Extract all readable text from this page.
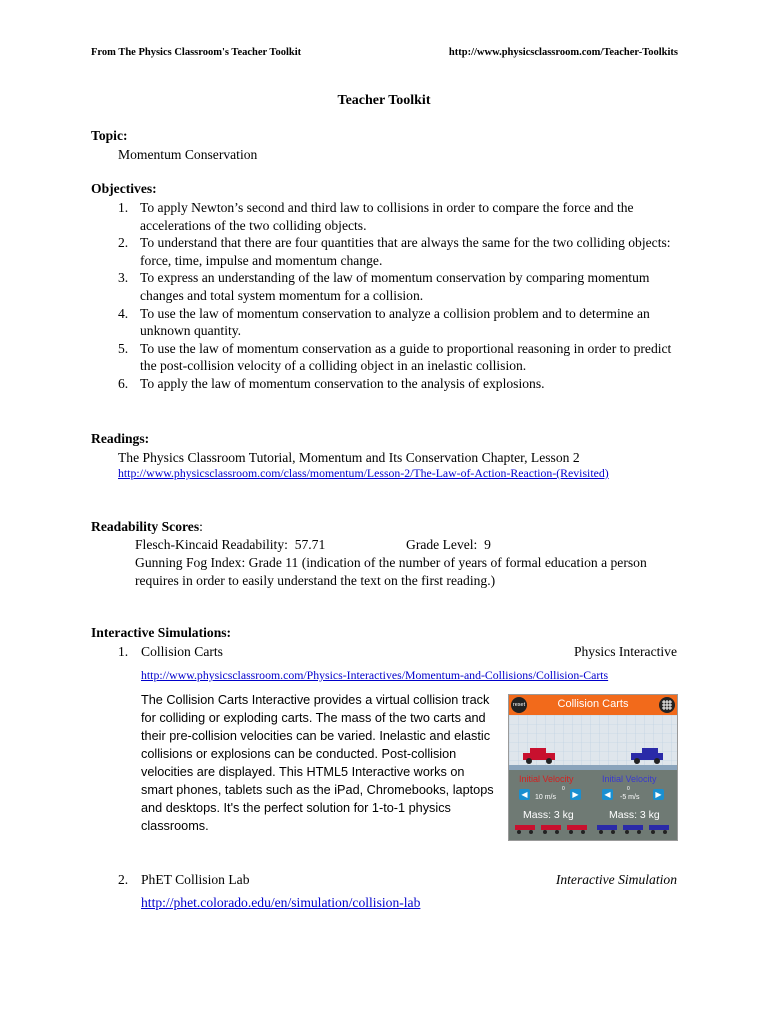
From The Physics Classroom's Teacher Toolkit	http://www.physicsclassroom.com/Teacher-Toolkits
Teacher Toolkit
Topic:
Momentum Conservation
Objectives:
1. To apply Newton’s second and third law to collisions in order to compare the force and the accelerations of the two colliding objects.
2. To understand that there are four quantities that are always the same for the two colliding objects: force, time, impulse and momentum change.
3. To express an understanding of the law of momentum conservation by comparing momentum changes and total system momentum for a collision.
4. To use the law of momentum conservation to analyze a collision problem and to determine an unknown quantity.
5. To use the law of momentum conservation as a guide to proportional reasoning in order to predict the post-collision velocity of a colliding object in an inelastic collision.
6. To apply the law of momentum conservation to the analysis of explosions.
Readings:
The Physics Classroom Tutorial, Momentum and Its Conservation Chapter, Lesson 2
http://www.physicsclassroom.com/class/momentum/Lesson-2/The-Law-of-Action-Reaction-(Revisited)
Readability Scores:
Flesch-Kincaid Readability: 57.71	Grade Level: 9
Gunning Fog Index: Grade 11 (indication of the number of years of formal education a person requires in order to easily understand the text on the first reading.)
Interactive Simulations:
1. Collision Carts	Physics Interactive
http://www.physicsclassroom.com/Physics-Interactives/Momentum-and-Collisions/Collision-Carts
The Collision Carts Interactive provides a virtual collision track for colliding or exploding carts. The mass of the two carts and their pre-collision velocities can be varied. Inelastic and elastic collisions or explosions can be conducted. Post-collision velocities are displayed. This HTML5 Interactive works on smart phones, tablets such as the iPad, Chromebooks, laptops and desktops. It's the perfect solution for 1-to-1 physics classrooms.
reset	Collision Carts
Initial Velocity	Initial Velocity
0	0
◀	▶
10 m/s	◀	▶
-5 m/s
Mass: 3 kg	Mass: 3 kg
2. PhET Collision Lab	Interactive Simulation
http://phet.colorado.edu/en/simulation/collision-lab
